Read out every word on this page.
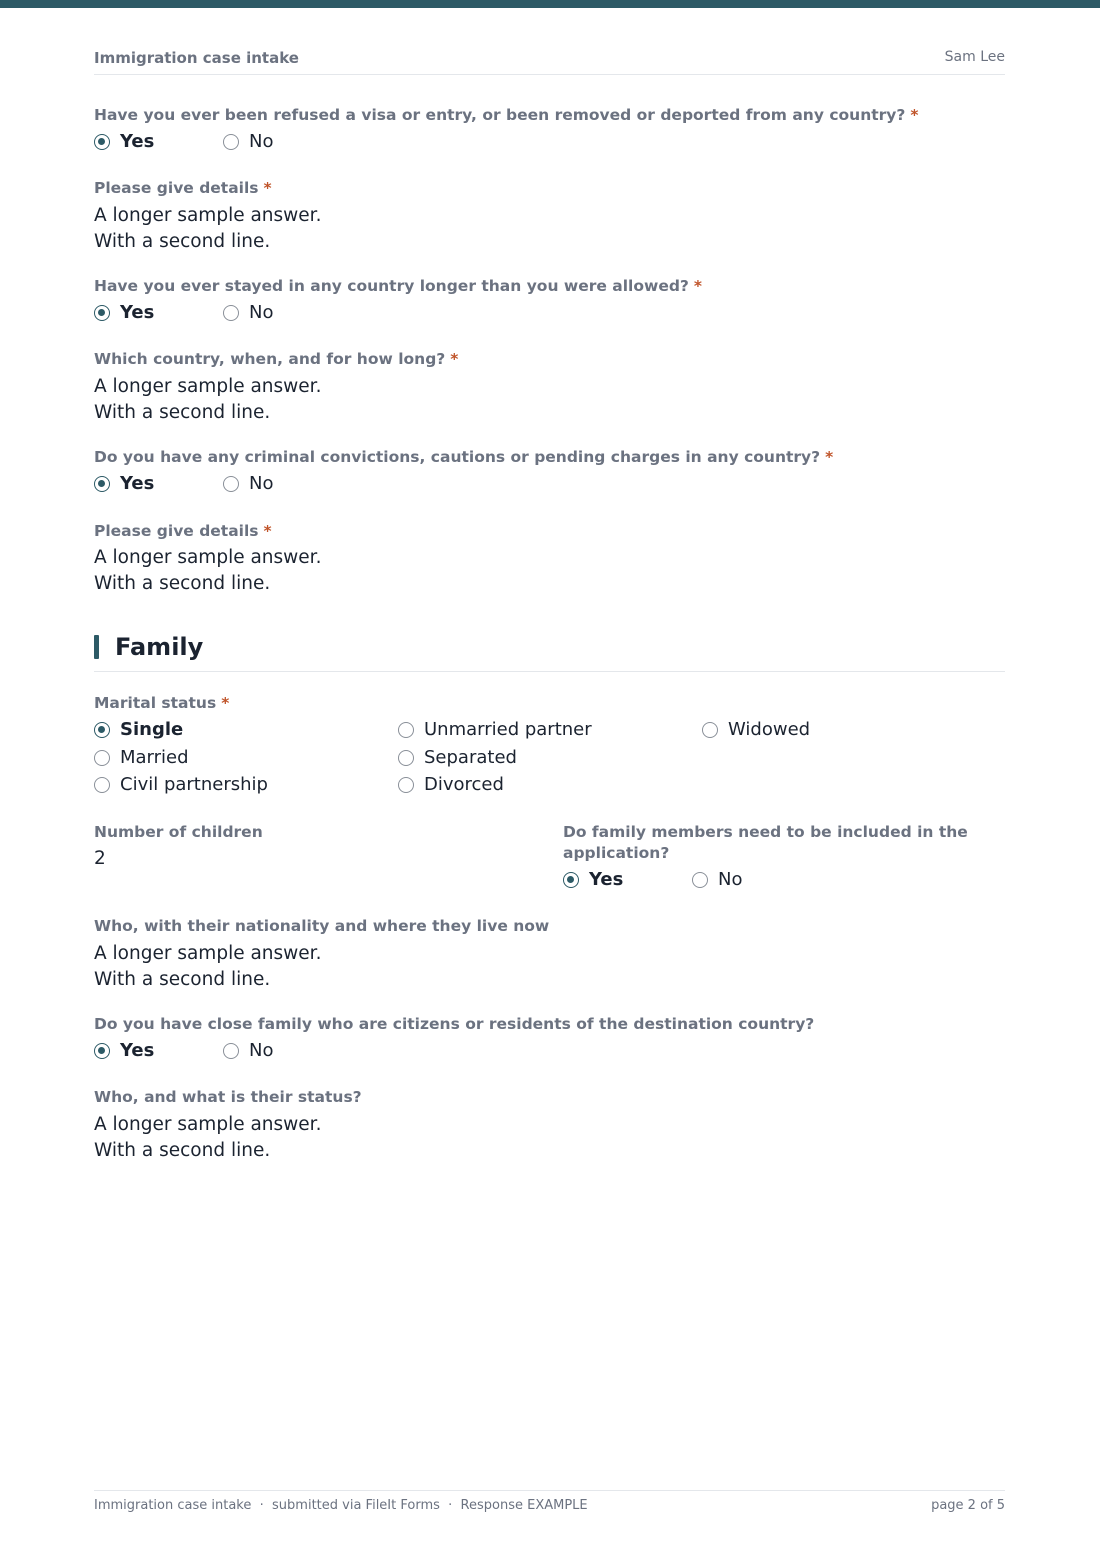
Immigration case intake	Sam Lee
Have you ever been refused a visa or entry, or been removed or deported from any country? *
Yes	No
Please give details *
A longer sample answer.
With a second line.
Have you ever stayed in any country longer than you were allowed? *
Yes	No
Which country, when, and for how long? *
A longer sample answer.
With a second line.
Do you have any criminal convictions, cautions or pending charges in any country? *
Yes	No
Please give details *
A longer sample answer.
With a second line.
Family
Marital status *
Single
Married
Civil partnership
Unmarried partner
Separated
Divorced
Widowed
Number of children
2
Do family members need to be included in the application?
Yes	No
Who, with their nationality and where they live now
A longer sample answer.
With a second line.
Do you have close family who are citizens or residents of the destination country?
Yes	No
Who, and what is their status?
A longer sample answer.
With a second line.
Immigration case intake  ·  submitted via FileIt Forms  ·  Response EXAMPLE	page 2 of 5
